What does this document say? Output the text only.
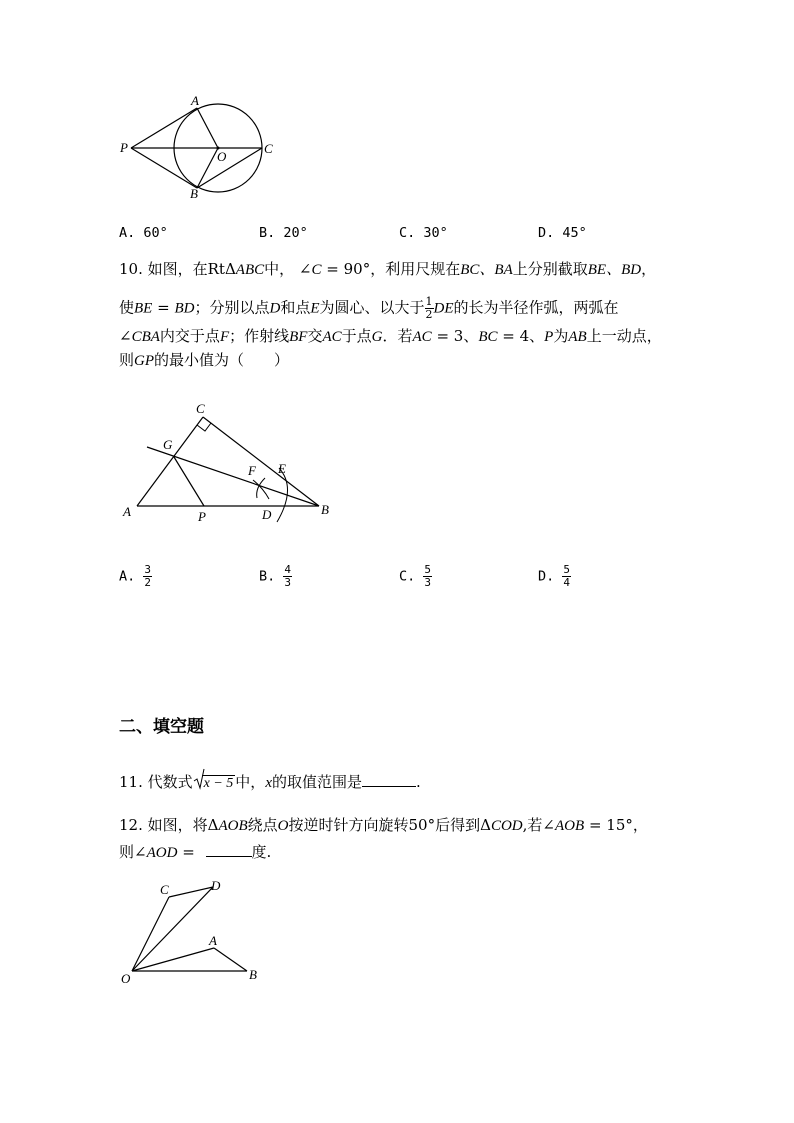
A
P
O
C
B
A. 60°	B. 20°	C. 30°	D. 45°
10. 如图，在RtΔABC中， ∠C = 90°，利用尺规在BC、BA上分别截取BE、BD，
使BE = BD；分别以点D和点E为圆心、以大于 $\frac{1}{2}$ DE的长为半径作弧，两弧在
∠CBA内交于点F；作射线BF交AC于点G．若AC = 3、BC = 4、P为AB上一动点，
则GP的最小值为（　　）
C
G
F E
A	P	D	B
A. $\frac{3}{2}$	B. $\frac{4}{3}$	C. $\frac{5}{3}$	D. $\frac{5}{4}$
二、填空题
11. 代数式 x − 5 中，x的取值范围是	.
12. 如图，将ΔAOB绕点O按逆时针方向旋转50°后得到ΔCOD,若∠AOB = 15°，
则∠AOD =	度.
C	D
A
O	B
